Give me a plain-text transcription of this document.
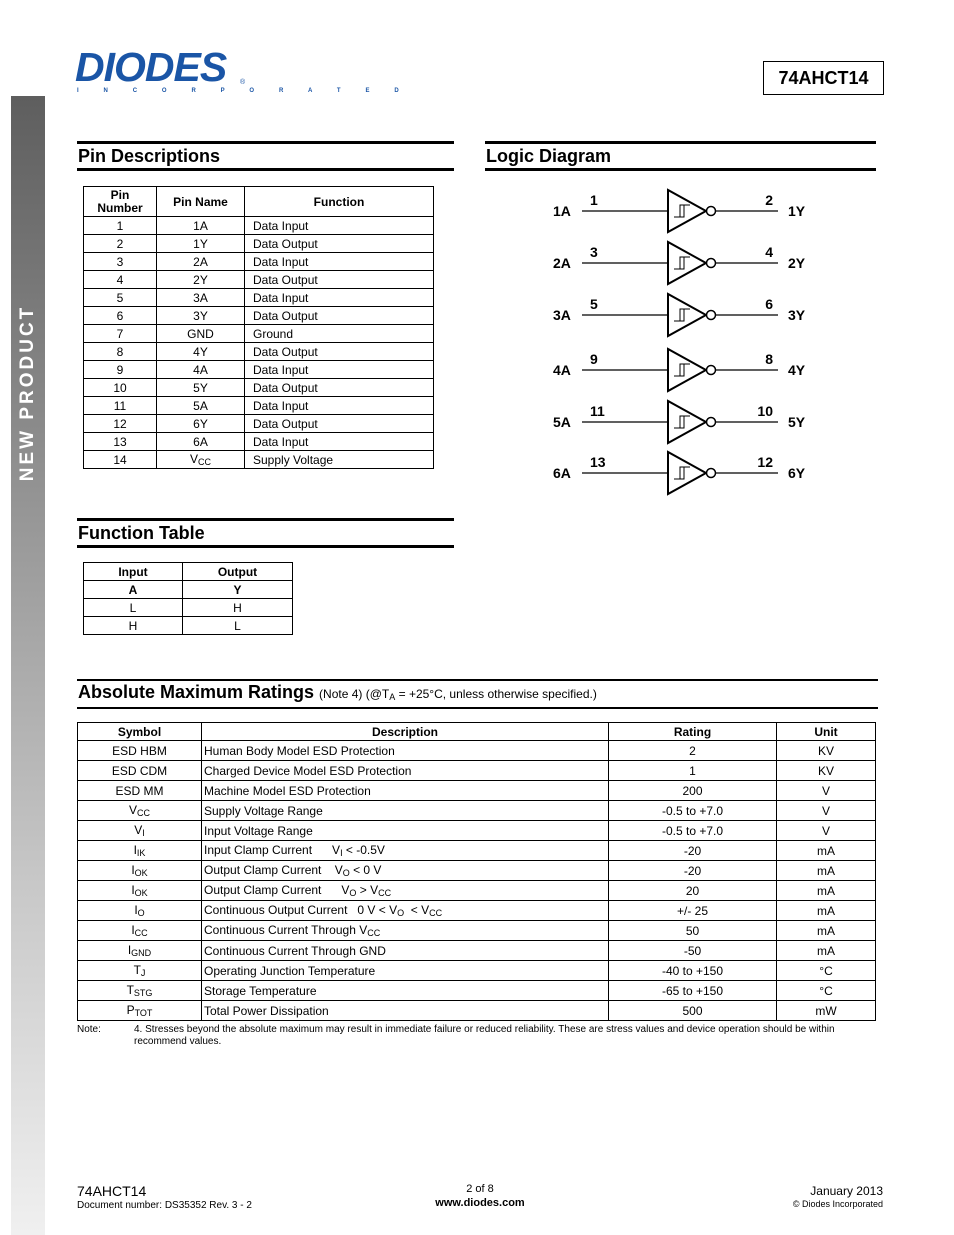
NEW PRODUCT
DIODES ®
I N C O R P O R A T E D
74AHCT14
Pin Descriptions
Pin Number	Pin Name	Function
1	1A	Data Input
2	1Y	Data Output
3	2A	Data Input
4	2Y	Data Output
5	3A	Data Input
6	3Y	Data Output
7	GND	Ground
8	4Y	Data Output
9	4A	Data Input
10	5Y	Data Output
11	5A	Data Input
12	6Y	Data Output
13	6A	Data Input
14	$V_{CC}$	Supply Voltage
Logic Diagram
1A
1	2
1Y
2A
3	4
2Y
3A
5	6
3Y
4A
9	8
4Y
5A
11	10
5Y
6A
13	12
6Y
Function Table
Input	Output
A	Y
L	H
H	L
Absolute Maximum Ratings (Note 4) ($@T_A = +25^\circ C$, unless otherwise specified.)
Symbol	Description	Rating	Unit
ESD HBM	Human Body Model ESD Protection	2	KV
ESD CDM	Charged Device Model ESD Protection	1	KV
ESD MM	Machine Model ESD Protection	200	V
$V_{CC}$	Supply Voltage Range	-0.5 to +7.0	V
$V_I$	Input Voltage Range	-0.5 to +7.0	V
$I_{IK}$	Input Clamp Current      $V_I < -0.5V$	-20	mA
$I_{OK}$	Output Clamp Current    $V_O < 0$ V	-20	mA
$I_{OK}$	Output Clamp Current      $V_O > V_{CC}$	20	mA
$I_O$	Continuous Output Current   0 $V < V_O < V_{CC}$	+/- 25	mA
$I_{CC}$	Continuous Current Through $V_{CC}$	50	mA
$I_{GND}$	Continuous Current Through GND	-50	mA
$T_J$	Operating Junction Temperature	-40 to +150	°C
$T_{STG}$	Storage Temperature	-65 to +150	°C
$P_{TOT}$	Total Power Dissipation	500	mW
Note:	4. Stresses beyond the absolute maximum may result in immediate failure or reduced reliability. These are stress values and device operation should be within recommend values.
74AHCT14
Document number: DS35352 Rev. 3 - 2
2 of 8
www.diodes.com
January 2013
© Diodes Incorporated
